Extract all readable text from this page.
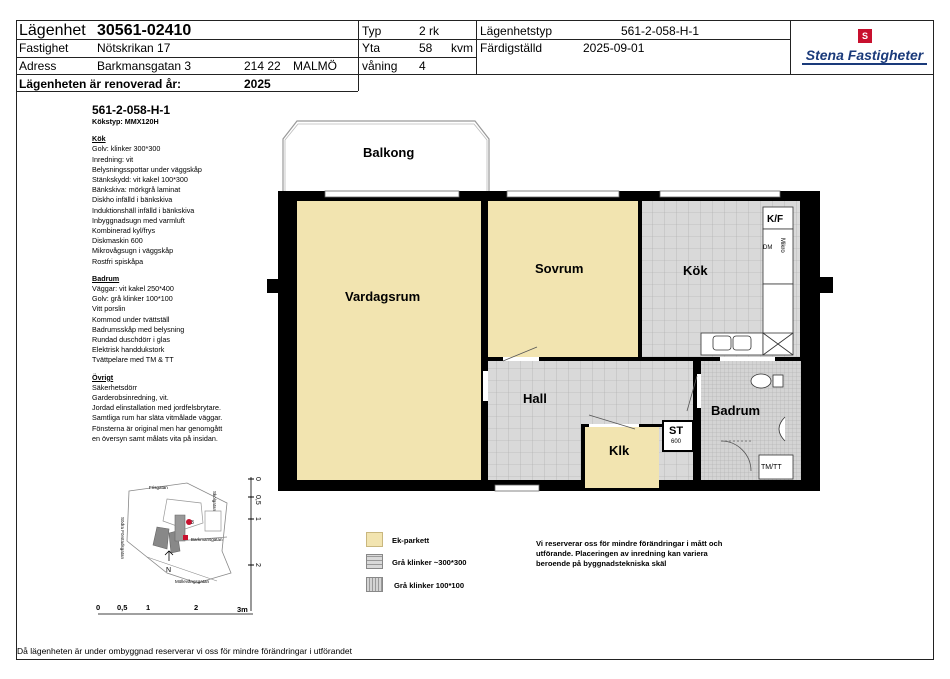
Lägenhet 30561-02410
Fastighet Nötskrikan 17
Adress	Barkmansgatan 3	214 22 MALMÖ
Typ	2 rk
Yta	58 kvm
våning 4
Lägenhetstyp	561-2-058-H-1
Färdigställd	2025-09-01
S
Stena Fastigheter
Lägenheten är renoverad år:	2025
561-2-058-H-1
Kökstyp: MMX120H
Kök
Golv: klinker 300*300
Inredning: vit
Belysningsspottar under väggskåp
Stänkskydd: vit kakel 100*300
Bänkskiva: mörkgrå laminat
Diskho infälld i bänkskiva
Induktionshäll infälld i bänkskiva
Inbyggnadsugn med varmluft
Kombinerad kyl/frys
Diskmaskin 600
Mikrovågsugn i väggskåp
Rostfri spiskåpa
Badrum
Väggar: vit kakel 250*400
Golv: grå klinker 100*100
Vitt porslin
Kommod under tvättställ
Badrumsskåp med belysning
Rundad duschdörr i glas
Elektrisk handdukstork
Tvättpelare med TM & TT
Övrigt
Säkerhetsdörr
Garderobsinredning, vit.
Jordad elinstallation med jordfelsbrytare.
Samtliga rum har släta vitmålade väggar.
Fönsterna är original men har genomgått
en översyn samt målats vita på insidan.
Balkong
K/F
DM Mikro
TM/TT
Vardagsrum
Sovrum	Kök
Hall
Badrum
Klk
ST
600
N
3
Frisgatan
Skolgatan
Södra Förstadsgatan	Barkmansgatan
Möllevångsgatan
0
0,5
1
2
0 0,5 1	2	3m
Ek-parkett
Grå klinker ~300*300
Grå klinker 100*100
Vi reserverar oss för mindre förändringar i mått och utförande. Placeringen av inredning kan variera beroende på byggnadstekniska skäl
Då lägenheten är under ombyggnad reserverar vi oss för mindre förändringar i utförandet
